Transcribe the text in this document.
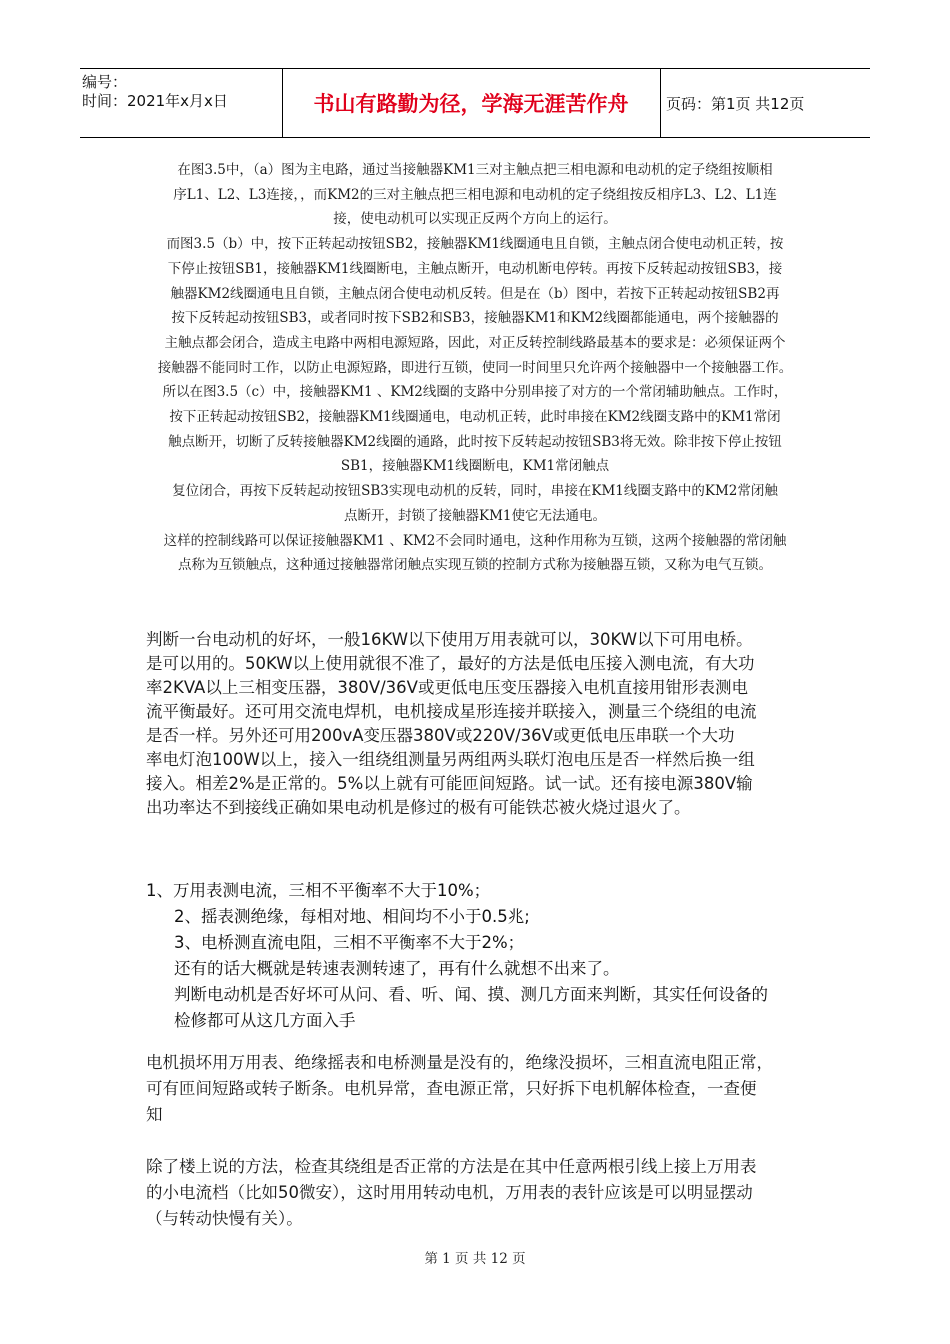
编号：
时间：2021年x月x日	书山有路勤为径，学海无涯苦作舟	页码：第1页 共12页

在图3.5中，（a）图为主电路，通过当接触器KM1三对主触点把三相电源和电动机的定子绕组按顺相

序L1、L2、L3连接，，而KM2的三对主触点把三相电源和电动机的定子绕组按反相序L3、L2、L1连

接，使电动机可以实现正反两个方向上的运行。

而图3.5（b）中，按下正转起动按钮SB2，接触器KM1线圈通电且自锁，主触点闭合使电动机正转，按

下停止按钮SB1，接触器KM1线圈断电，主触点断开，电动机断电停转。再按下反转起动按钮SB3，接

触器KM2线圈通电且自锁，主触点闭合使电动机反转。但是在（b）图中，若按下正转起动按钮SB2再

按下反转起动按钮SB3，或者同时按下SB2和SB3，接触器KM1和KM2线圈都能通电，两个接触器的

主触点都会闭合，造成主电路中两相电源短路，因此，对正反转控制线路最基本的要求是：必须保证两个

接触器不能同时工作，以防止电源短路，即进行互锁，使同一时间里只允许两个接触器中一个接触器工作。

所以在图3.5（c）中，接触器KM1 、KM2线圈的支路中分别串接了对方的一个常闭辅助触点。工作时，

按下正转起动按钮SB2，接触器KM1线圈通电，电动机正转，此时串接在KM2线圈支路中的KM1常闭

触点断开，切断了反转接触器KM2线圈的通路，此时按下反转起动按钮SB3将无效。除非按下停止按钮

SB1，接触器KM1线圈断电，KM1常闭触点

复位闭合，再按下反转起动按钮SB3实现电动机的反转，同时，串接在KM1线圈支路中的KM2常闭触

点断开，封锁了接触器KM1使它无法通电。

这样的控制线路可以保证接触器KM1 、KM2不会同时通电，这种作用称为互锁，这两个接触器的常闭触

点称为互锁触点，这种通过接触器常闭触点实现互锁的控制方式称为接触器互锁，又称为电气互锁。

判断一台电动机的好坏，一般16KW以下使用万用表就可以，30KW以下可用电桥。

是可以用的。50KW以上使用就很不准了，最好的方法是低电压接入测电流，有大功

率2KVA以上三相变压器，380V/36V或更低电压变压器接入电机直接用钳形表测电

流平衡最好。还可用交流电焊机，电机接成星形连接并联接入，测量三个绕组的电流

是否一样。另外还可用200vA变压器380V或220V/36V或更低电压串联一个大功

率电灯泡100W以上，接入一组绕组测量另两组两头联灯泡电压是否一样然后换一组

接入。相差2%是正常的。5%以上就有可能匝间短路。试一试。还有接电源380V输

出功率达不到接线正确如果电动机是修过的极有可能铁芯被火烧过退火了。

1、万用表测电流，三相不平衡率不大于10%；

2、摇表测绝缘，每相对地、相间均不小于0.5兆;

3、电桥测直流电阻，三相不平衡率不大于2%；

还有的话大概就是转速表测转速了，再有什么就想不出来了。

判断电动机是否好坏可从问、看、听、闻、摸、测几方面来判断，其实任何设备的

检修都可从这几方面入手

电机损坏用万用表、绝缘摇表和电桥测量是没有的，绝缘没损坏，三相直流电阻正常，

可有匝间短路或转子断条。电机异常，查电源正常，只好拆下电机解体检查，一查便

知

除了楼上说的方法，检查其绕组是否正常的方法是在其中任意两根引线上接上万用表

的小电流档（比如50微安），这时用用转动电机，万用表的表针应该是可以明显摆动

（与转动快慢有关）。

第 1 页 共 12 页
